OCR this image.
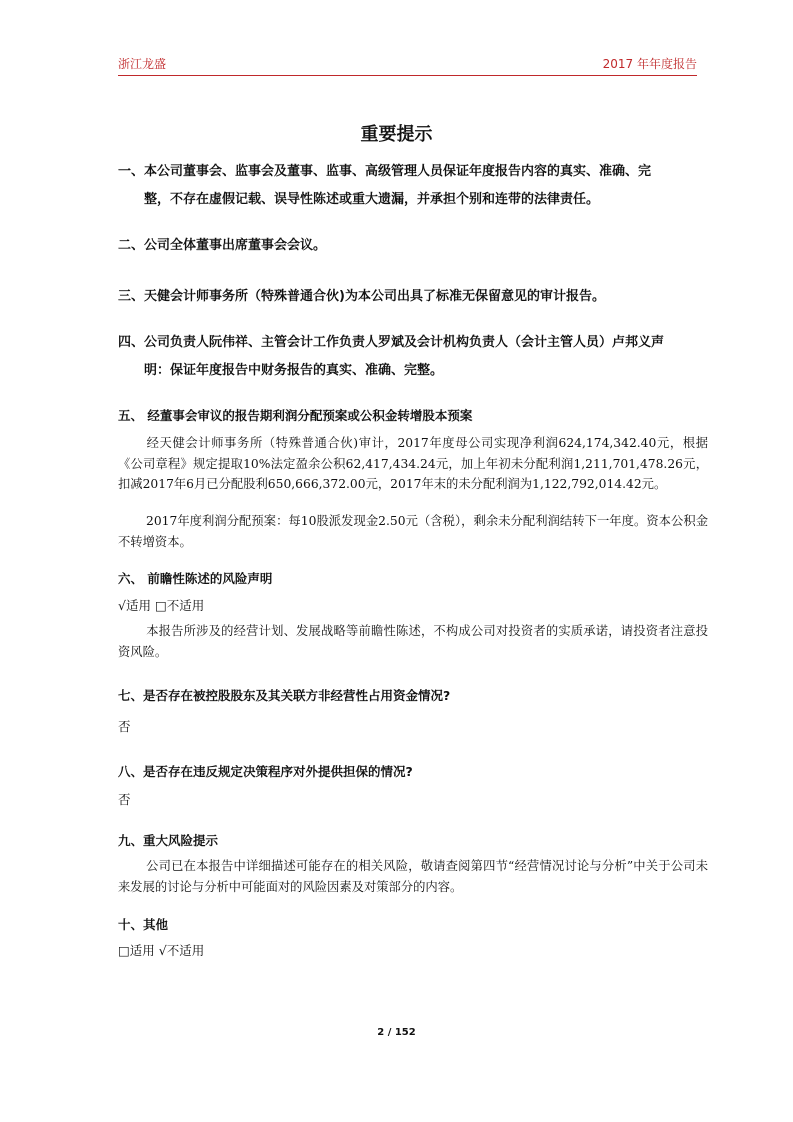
浙江龙盛	2017 年年度报告
重要提示
一、本公司董事会、监事会及董事、监事、高级管理人员保证年度报告内容的真实、准确、完
整，不存在虚假记载、误导性陈述或重大遗漏，并承担个别和连带的法律责任。
二、公司全体董事出席董事会会议。
三、天健会计师事务所（特殊普通合伙)为本公司出具了标准无保留意见的审计报告。
四、公司负责人阮伟祥、主管会计工作负责人罗斌及会计机构负责人（会计主管人员）卢邦义声
明：保证年度报告中财务报告的真实、准确、完整。
五、 经董事会审议的报告期利润分配预案或公积金转增股本预案
经天健会计师事务所（特殊普通合伙)审计，2017年度母公司实现净利润624,174,342.40元，根据《公司章程》规定提取10%法定盈余公积62,417,434.24元，加上年初未分配利润1,211,701,478.26元，扣减2017年6月已分配股利650,666,372.00元，2017年末的未分配利润为1,122,792,014.42元。
2017年度利润分配预案：每10股派发现金2.50元（含税），剩余未分配利润结转下一年度。资本公积金不转增资本。
六、 前瞻性陈述的风险声明
√适用 □不适用
本报告所涉及的经营计划、发展战略等前瞻性陈述，不构成公司对投资者的实质承诺，请投资者注意投资风险。
七、是否存在被控股股东及其关联方非经营性占用资金情况?
否
八、是否存在违反规定决策程序对外提供担保的情况?
否
九、重大风险提示
公司已在本报告中详细描述可能存在的相关风险，敬请查阅第四节“经营情况讨论与分析”中关于公司未来发展的讨论与分析中可能面对的风险因素及对策部分的内容。
十、其他
□适用 √不适用
2 / 152
